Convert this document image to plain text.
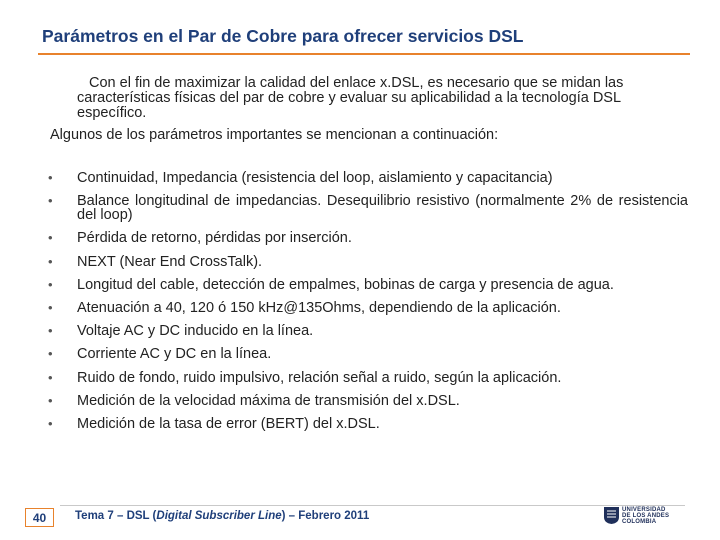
Parámetros en el Par de Cobre para ofrecer servicios DSL
Con el fin de maximizar la calidad del enlace x.DSL, es necesario que se midan las características físicas del par de cobre y evaluar su aplicabilidad a la tecnología DSL específico.
Algunos de los parámetros importantes se mencionan a continuación:
• Continuidad, Impedancia (resistencia del loop, aislamiento y capacitancia)
• Balance longitudinal de impedancias. Desequilibrio resistivo (normalmente 2% de resistencia del loop)
• Pérdida de retorno, pérdidas por inserción.
• NEXT (Near End CrossTalk).
• Longitud del cable, detección de empalmes, bobinas de carga y presencia de agua.
• Atenuación a 40, 120 ó 150 kHz@135Ohms, dependiendo de la aplicación.
• Voltaje AC y DC inducido en la línea.
• Corriente AC y DC en la línea.
• Ruido de fondo, ruido impulsivo, relación señal a ruido, según la aplicación.
• Medición de la velocidad máxima de transmisión del x.DSL.
• Medición de la tasa de error (BERT) del x.DSL.
40	Tema 7 – DSL (Digital Subscriber Line) – Febrero 2011
UNIVERSIDAD
DE LOS ANDES
COLOMBIA
